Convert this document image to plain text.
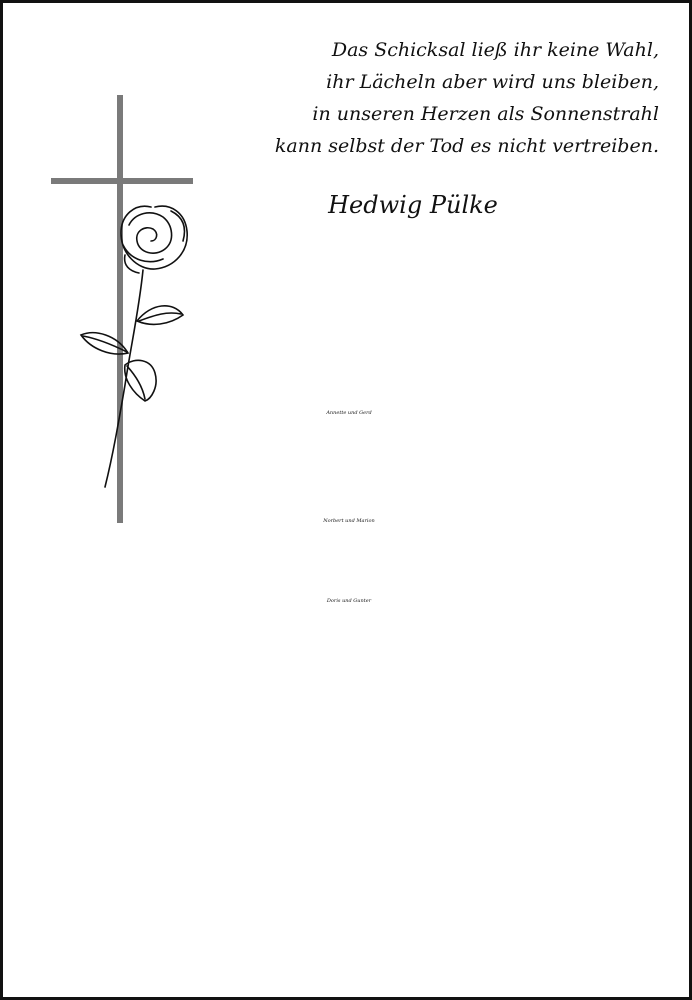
Das Schicksal ließ ihr keine Wahl,
ihr Lächeln aber wird uns bleiben,
in unseren Herzen als Sonnenstrahl
kann selbst der Tod es nicht vertreiben.
Hedwig Pülke
Annette und Gerd
Norbert und Marion
Doris und Gunter
